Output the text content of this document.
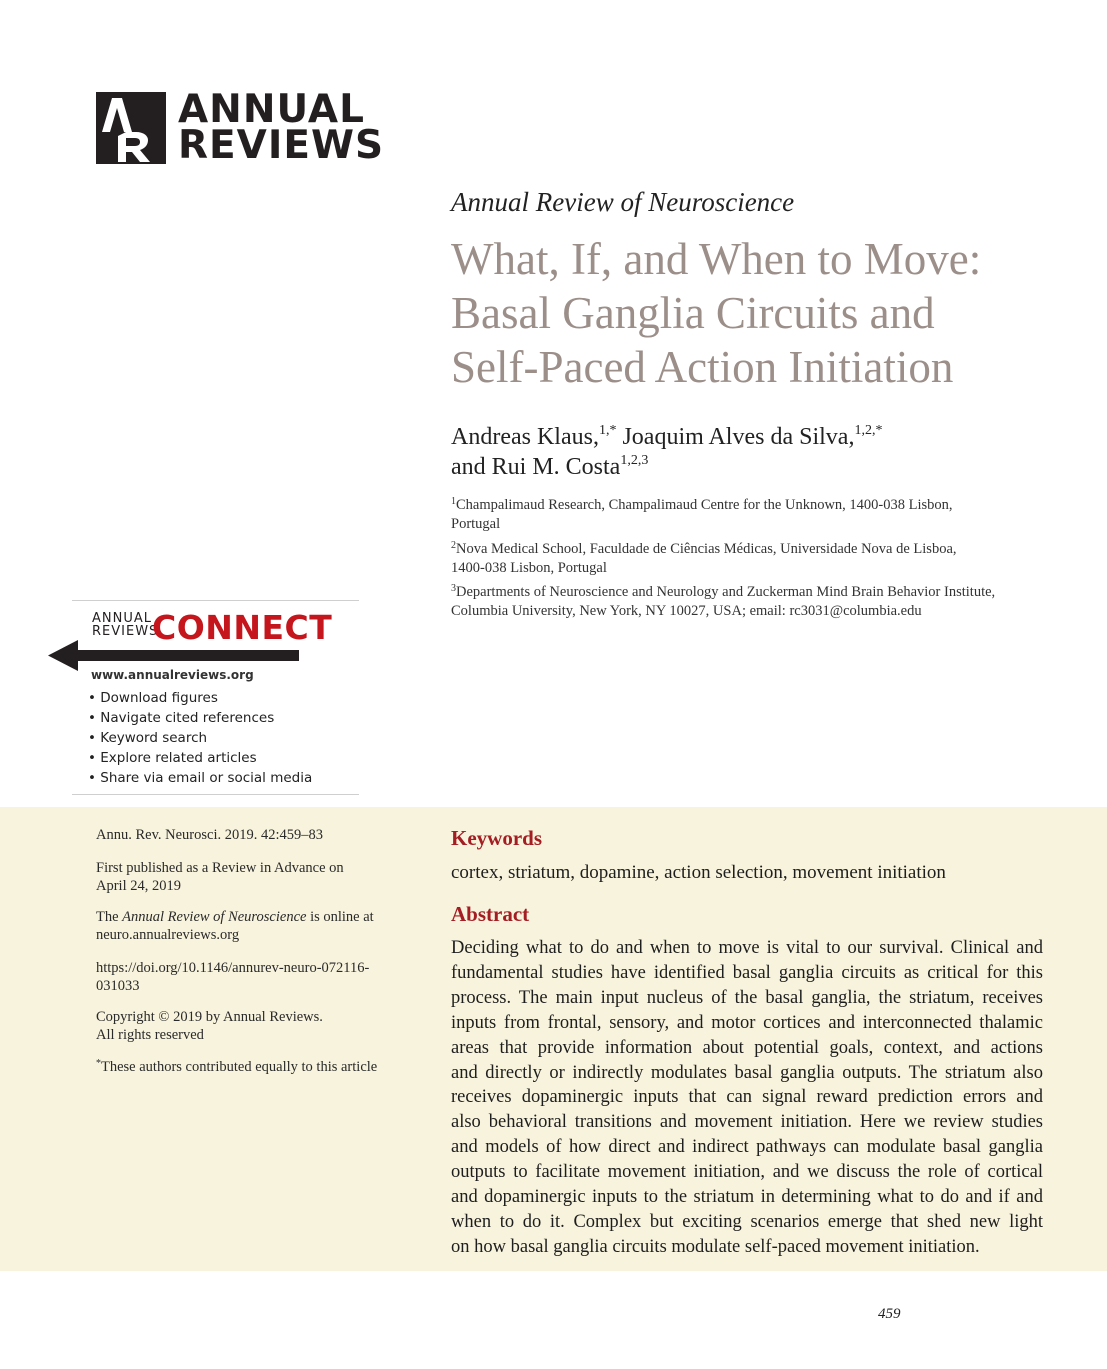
ANNUAL
REVIEWS
Annual Review of Neuroscience
What, If, and When to Move:
Basal Ganglia Circuits and
Self-Paced Action Initiation
Andreas Klaus,$^{1,*}$ Joaquim Alves da Silva,$^{1,2,*}$
and Rui M. Costa$^{1,2,3}$
$^1$Champalimaud Research, Champalimaud Centre for the Unknown, 1400-038 Lisbon,
Portugal
$^2$Nova Medical School, Faculdade de Ciências Médicas, Universidade Nova de Lisboa,
1400-038 Lisbon, Portugal
$^3$Departments of Neuroscience and Neurology and Zuckerman Mind Brain Behavior Institute,
Columbia University, New York, NY 10027, USA; email: rc3031@columbia.edu
ANNUAL
REVIEWS
CONNECT
www.annualreviews.org
• Download figures
• Navigate cited references
• Keyword search
• Explore related articles
• Share via email or social media
Annu. Rev. Neurosci. 2019. 42:459–83
First published as a Review in Advance on
April 24, 2019
The Annual Review of Neuroscience is online at
neuro.annualreviews.org
https://doi.org/10.1146/annurev-neuro-072116-
031033
Copyright © 2019 by Annual Reviews.
All rights reserved
*These authors contributed equally to this article
Keywords
cortex, striatum, dopamine, action selection, movement initiation
Abstract
Deciding what to do and when to move is vital to our survival. Clinical and
fundamental studies have identified basal ganglia circuits as critical for this
process. The main input nucleus of the basal ganglia, the striatum, receives
inputs from frontal, sensory, and motor cortices and interconnected thalamic
areas that provide information about potential goals, context, and actions
and directly or indirectly modulates basal ganglia outputs. The striatum also
receives dopaminergic inputs that can signal reward prediction errors and
also behavioral transitions and movement initiation. Here we review studies
and models of how direct and indirect pathways can modulate basal ganglia
outputs to facilitate movement initiation, and we discuss the role of cortical
and dopaminergic inputs to the striatum in determining what to do and if and
when to do it. Complex but exciting scenarios emerge that shed new light
on how basal ganglia circuits modulate self-paced movement initiation.
459
